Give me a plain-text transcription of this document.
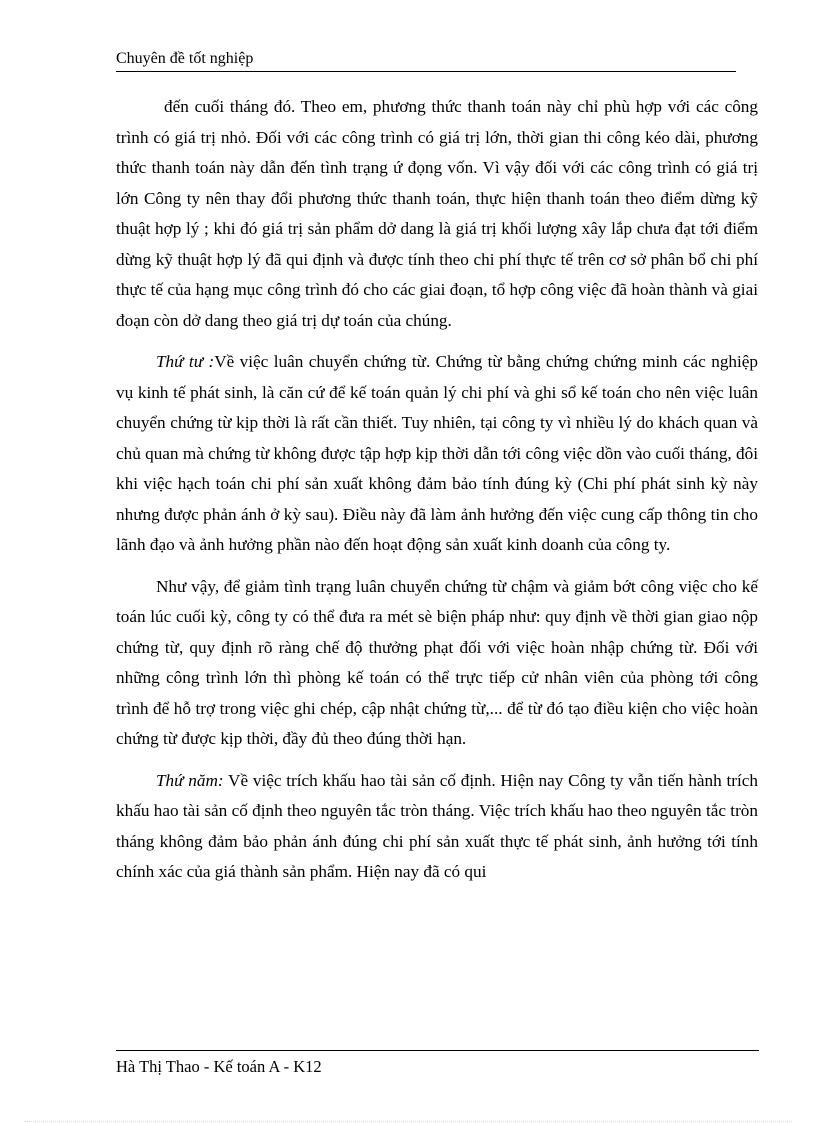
Chuyên đề tốt nghiệp

đến cuối tháng đó. Theo em, phương thức thanh toán này chỉ phù hợp với các công trình có giá trị nhỏ. Đối với các công trình có giá trị lớn, thời gian thi công kéo dài, phương thức thanh toán này dẫn đến tình trạng ứ đọng vốn. Vì vậy đối với các công trình có giá trị lớn Công ty nên thay đổi phương thức thanh toán, thực hiện thanh toán theo điểm dừng kỹ thuật hợp lý ; khi đó giá trị sản phẩm dở dang là giá trị khối lượng xây lắp chưa đạt tới điểm dừng kỹ thuật hợp lý đã qui định và được tính theo chi phí thực tế trên cơ sở phân bổ chi phí thực tế của hạng mục công trình đó cho các giai đoạn, tổ hợp công việc đã hoàn thành và giai đoạn còn dở dang theo giá trị dự toán của chúng.

Thứ tư :Về việc luân chuyển chứng từ. Chứng từ bằng chứng chứng minh các nghiệp vụ kinh tế phát sinh, là căn cứ để kế toán quản lý chi phí và ghi sổ kế toán cho nên việc luân chuyển chứng từ kịp thời là rất cần thiết. Tuy nhiên, tại công ty vì nhiều lý do khách quan và chủ quan mà chứng từ không được tập hợp kịp thời dẫn tới công việc dồn vào cuối tháng, đôi khi việc hạch toán chi phí sản xuất không đảm bảo tính đúng kỳ (Chi phí phát sinh kỳ này nhưng được phản ánh ở kỳ sau). Điều này đã làm ảnh hưởng đến việc cung cấp thông tin cho lãnh đạo và ảnh hưởng phần nào đến hoạt động sản xuất kinh doanh của công ty.

Như vậy, để giảm tình trạng luân chuyển chứng từ chậm và giảm bớt công việc cho kế toán lúc cuối kỳ, công ty có thể đưa ra mét sè biện pháp như: quy định về thời gian giao nộp chứng từ, quy định rõ ràng chế độ thưởng phạt đối với việc hoàn nhập chứng từ. Đối với những công trình lớn thì phòng kế toán có thể trực tiếp cử nhân viên của phòng tới công trình để hỗ trợ trong việc ghi chép, cập nhật chứng từ,... để từ đó tạo điều kiện cho việc hoàn chứng từ được kịp thời, đầy đủ theo đúng thời hạn.

Thứ năm: Về việc trích khấu hao tài sản cố định. Hiện nay Công ty vẫn tiến hành trích khấu hao tài sản cố định theo nguyên tắc tròn tháng. Việc trích khấu hao theo nguyên tắc tròn tháng không đảm bảo phản ánh đúng chi phí sản xuất thực tế phát sinh, ảnh hưởng tới tính chính xác của giá thành sản phẩm. Hiện nay đã có qui

Hà Thị Thao - Kế toán A - K12
